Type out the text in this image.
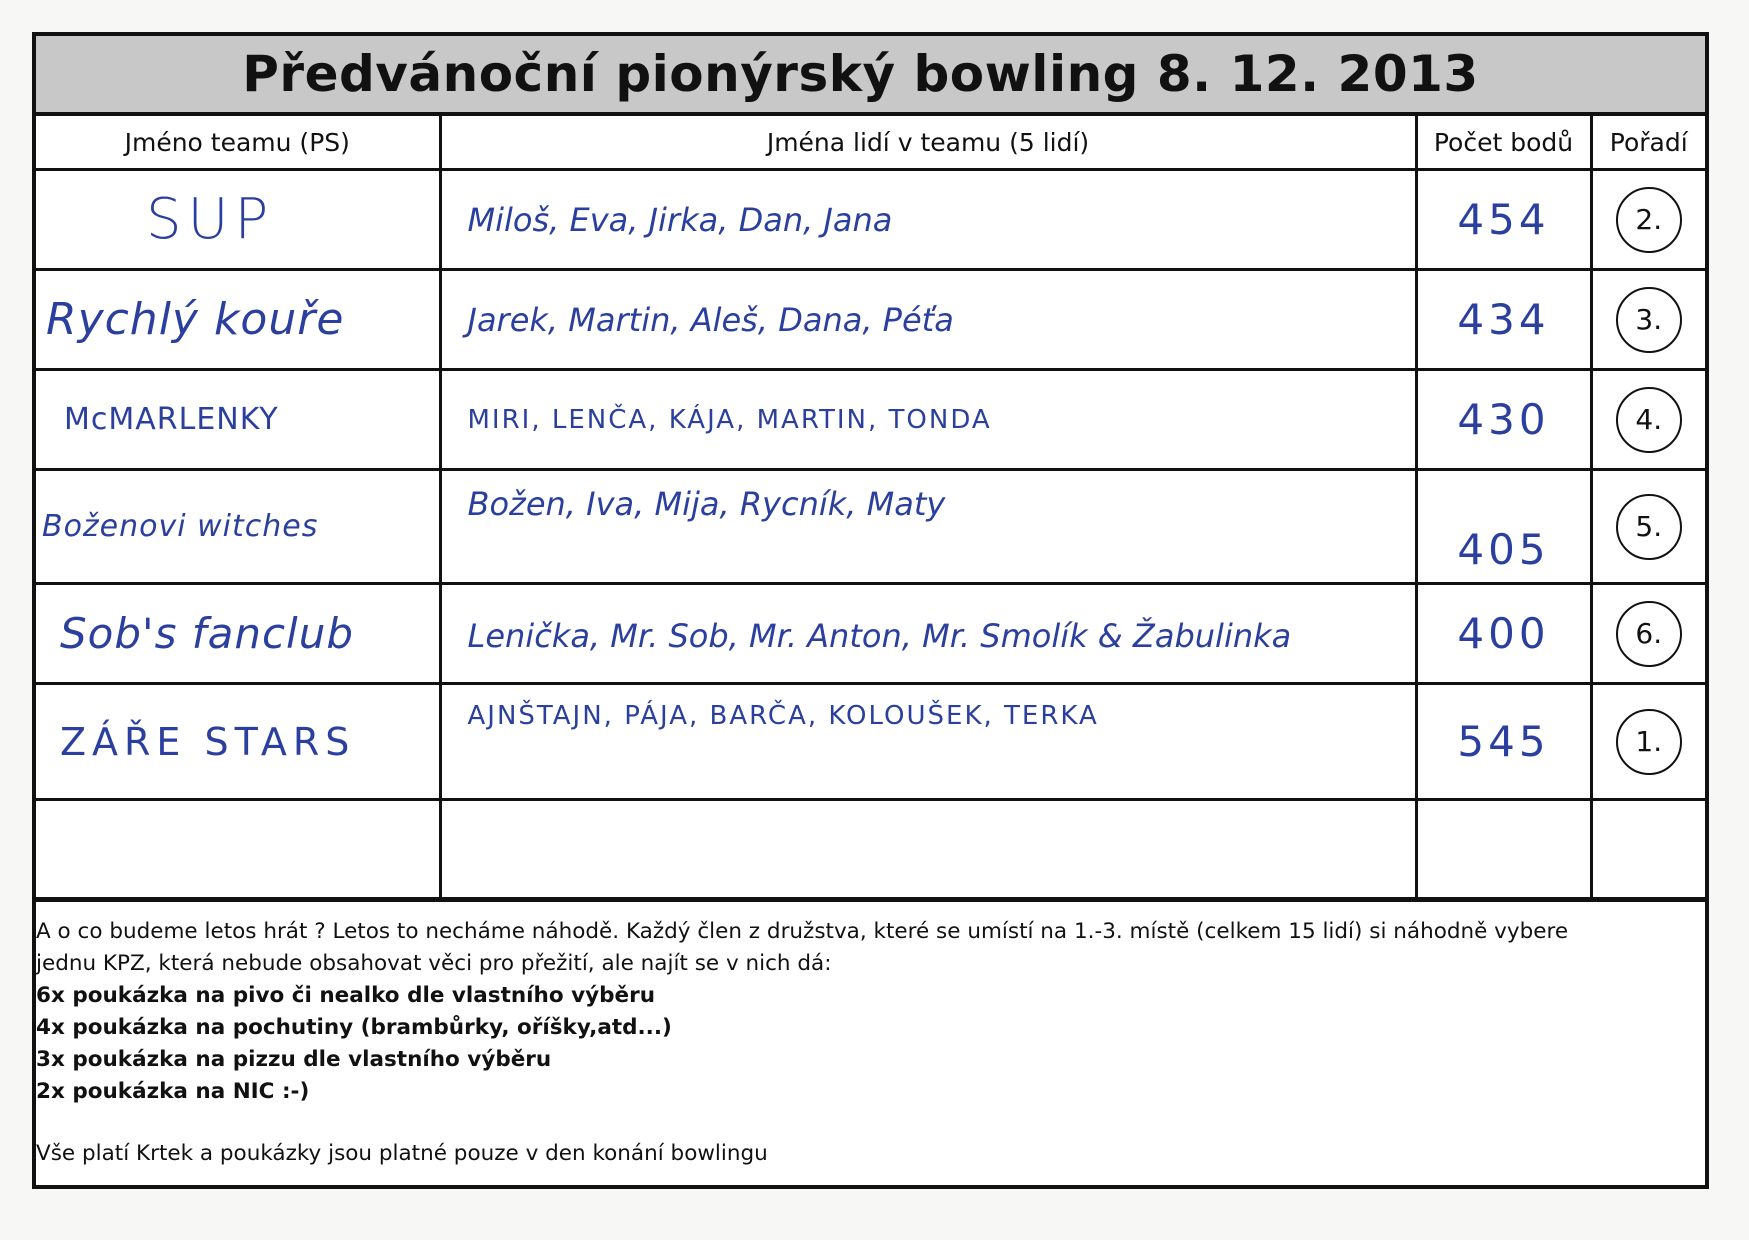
Předvánoční pionýrský bowling 8. 12. 2013
Jméno teamu (PS)	Jména lidí v teamu (5 lidí)	Počet bodů	Pořadí

SUP	Miloš, Eva, Jirka, Dan, Jana	454	2.

Rychlý kouře	Jarek, Martin, Aleš, Dana, Péťa	434	3.

McMARLENKY	MIRI, LENČA, KÁJA, MARTIN, TONDA	430	4.

Boženovi witches	Božen, Iva, Mija, Rycník, Maty	405	5.

Sob's fanclub	Lenička, Mr. Sob, Mr. Anton, Mr. Smolík & Žabulinka	400	6.

ZÁŘE STARS	AJNŠTAJN, PÁJA, BARČA, KOLOUŠEK, TERKA	545	1.

A o co budeme letos hrát ? Letos to necháme náhodě. Každý člen z družstva, které se umístí na 1.-3. místě (celkem 15 lidí) si náhodně vybere
jednu KPZ, která nebude obsahovat věci pro přežití, ale najít se v nich dá:
6x poukázka na pivo či nealko dle vlastního výběru
4x poukázka na pochutiny (brambůrky, oříšky,atd...)
3x poukázka na pizzu dle vlastního výběru
2x poukázka na NIC :-)
Vše platí Krtek a poukázky jsou platné pouze v den konání bowlingu
